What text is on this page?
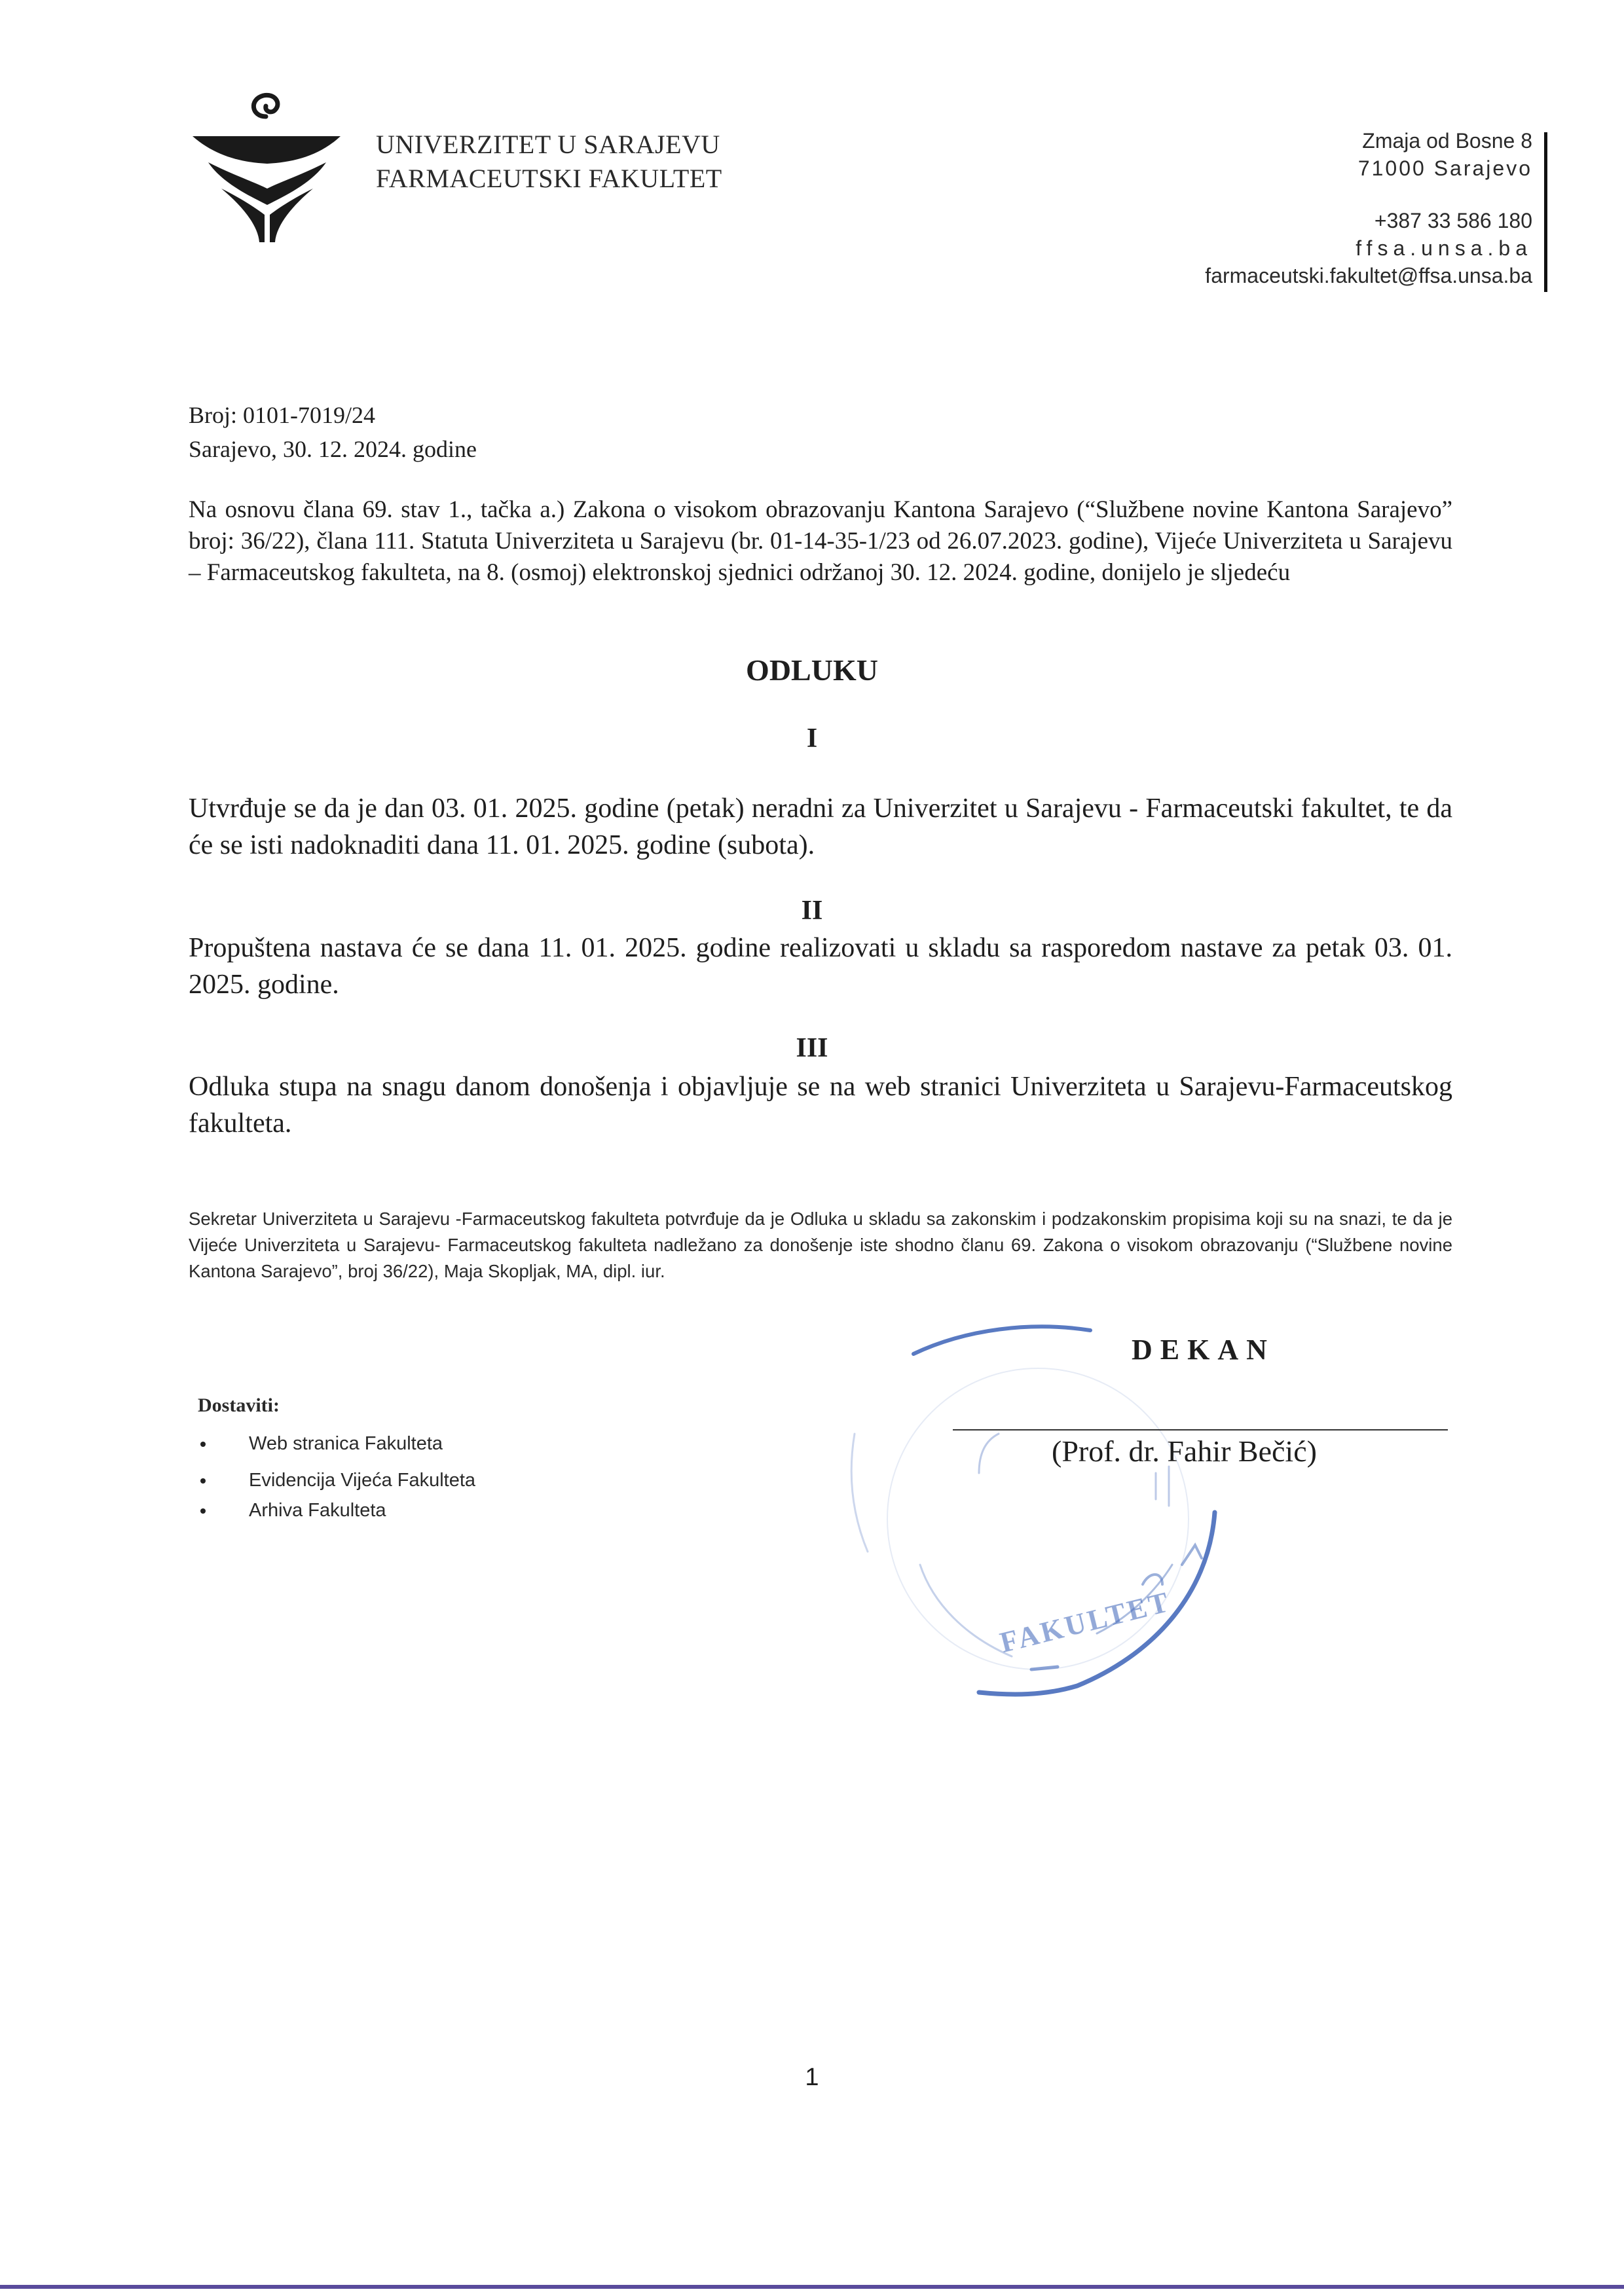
UNIVERZITET U SARAJEVU
FARMACEUTSKI FAKULTET
Zmaja od Bosne 8
71000 Sarajevo
+387 33 586 180
ffsa.unsa.ba
farmaceutski.fakultet@ffsa.unsa.ba
Broj: 0101-7019/24
Sarajevo, 30. 12. 2024. godine
Na osnovu člana 69. stav 1., tačka a.) Zakona o visokom obrazovanju Kantona Sarajevo (“Službene novine Kantona Sarajevo” broj: 36/22), člana 111. Statuta Univerziteta u Sarajevu (br. 01-14-35-1/23 od 26.07.2023. godine), Vijeće Univerziteta u Sarajevu – Farmaceutskog fakulteta, na 8. (osmoj) elektronskoj sjednici održanoj 30. 12. 2024. godine, donijelo je sljedeću
ODLUKU
I
Utvrđuje se da je dan 03. 01. 2025. godine (petak) neradni za Univerzitet u Sarajevu - Farmaceutski fakultet, te da će se isti nadoknaditi dana 11. 01. 2025. godine (subota).
II
Propuštena nastava će se dana 11. 01. 2025. godine realizovati u skladu sa rasporedom nastave za petak 03. 01. 2025. godine.
III
Odluka stupa na snagu danom donošenja i objavljuje se na web stranici Univerziteta u Sarajevu-Farmaceutskog fakulteta.
Sekretar Univerziteta u Sarajevu -Farmaceutskog fakulteta potvrđuje da je Odluka u skladu sa zakonskim i podzakonskim propisima koji su na snazi, te da je Vijeće Univerziteta u Sarajevu- Farmaceutskog fakulteta nadležano za donošenje iste shodno članu 69. Zakona o visokom obrazovanju (“Službene novine Kantona Sarajevo”, broj 36/22), Maja Skopljak, MA, dipl. iur.
Dostaviti:
Web stranica Fakulteta
Evidencija Vijeća Fakulteta
Arhiva Fakulteta
FAKULTET
DEKAN
(Prof. dr. Fahir Bečić)
1
